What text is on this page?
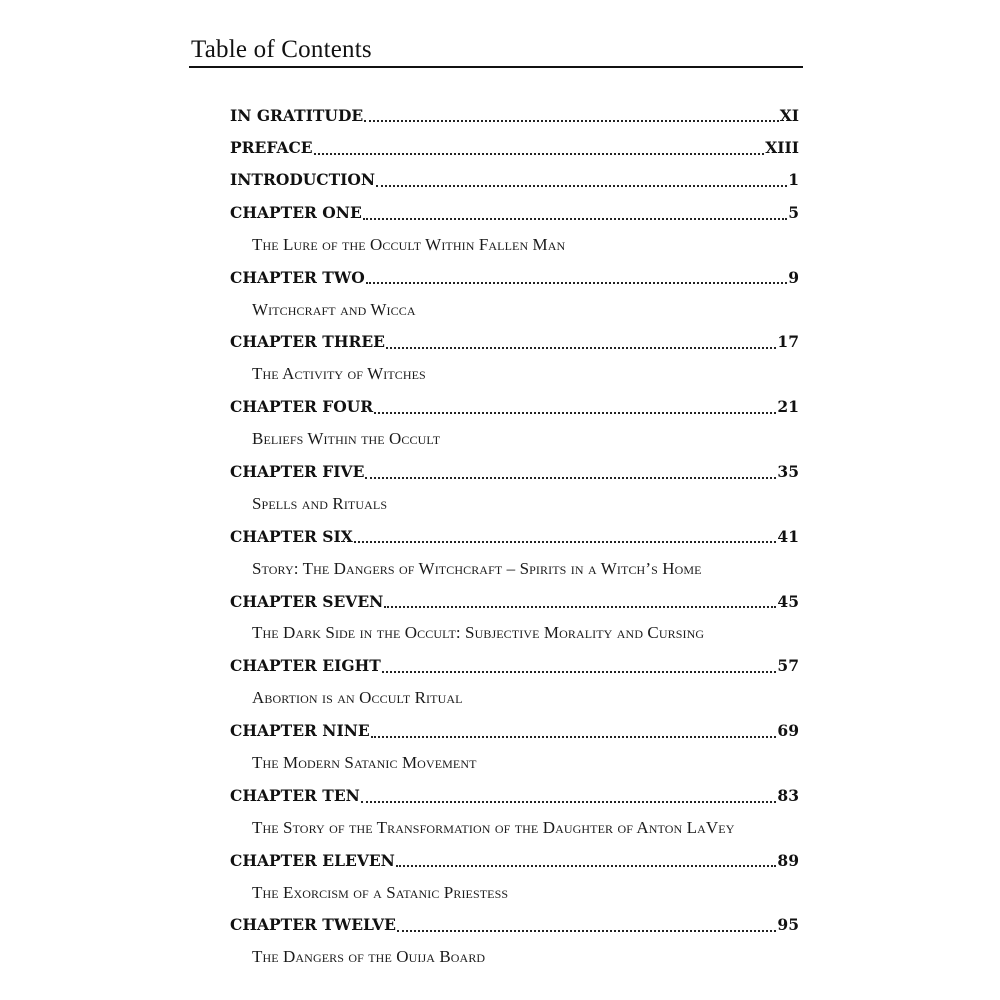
Table of Contents
IN GRATITUDE	XI
PREFACE	XIII
INTRODUCTION	1
CHAPTER ONE	5
The Lure of the Occult Within Fallen Man
CHAPTER TWO	9
Witchcraft and Wicca
CHAPTER THREE	17
The Activity of Witches
CHAPTER FOUR	21
Beliefs Within the Occult
CHAPTER FIVE	35
Spells and Rituals
CHAPTER SIX	41
Story: The Dangers of Witchcraft – Spirits in a Witch’s Home
CHAPTER SEVEN	45
The Dark Side in the Occult: Subjective Morality and Cursing
CHAPTER EIGHT	57
Abortion is an Occult Ritual
CHAPTER NINE	69
The Modern Satanic Movement
CHAPTER TEN	83
The Story of the Transformation of the Daughter of Anton LaVey
CHAPTER ELEVEN	89
The Exorcism of a Satanic Priestess
CHAPTER TWELVE	95
The Dangers of the Ouija Board
